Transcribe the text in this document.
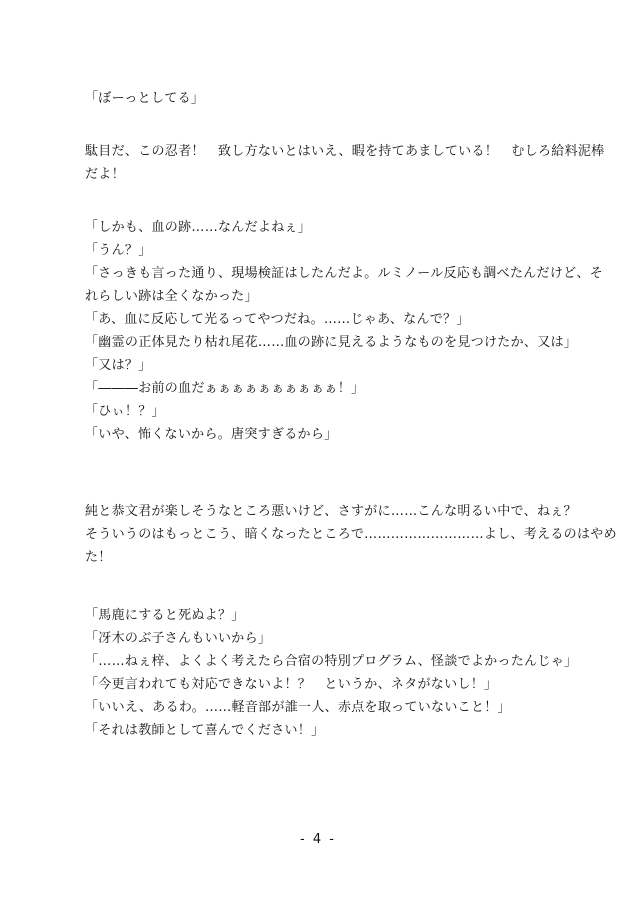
「ぼーっとしてる」
駄目だ、この忍者！　致し方ないとはいえ、暇を持てあましている！　むしろ給料泥棒
だよ！
「しかも、血の跡……なんだよねぇ」
「うん？」
「さっきも言った通り、現場検証はしたんだよ。ルミノール反応も調べたんだけど、そ
れらしい跡は全くなかった」
「あ、血に反応して光るってやつだね。……じゃあ、なんで？」
「幽霊の正体見たり枯れ尾花……血の跡に見えるようなものを見つけたか、又は」
「又は？」
「―――お前の血だぁぁぁぁぁぁぁぁぁぁ！」
「ひぃ！？」
「いや、怖くないから。唐突すぎるから」
純と恭文君が楽しそうなところ悪いけど、さすがに……こんな明るい中で、ねぇ？
そういうのはもっとこう、暗くなったところで………………………よし、考えるのはやめ
た！
「馬鹿にすると死ぬよ？」
「冴木のぶ子さんもいいから」
「……ねぇ梓、よくよく考えたら合宿の特別プログラム、怪談でよかったんじゃ」
「今更言われても対応できないよ！？　というか、ネタがないし！」
「いいえ、あるわ。……軽音部が誰一人、赤点を取っていないこと！」
「それは教師として喜んでください！」
- 4 -
